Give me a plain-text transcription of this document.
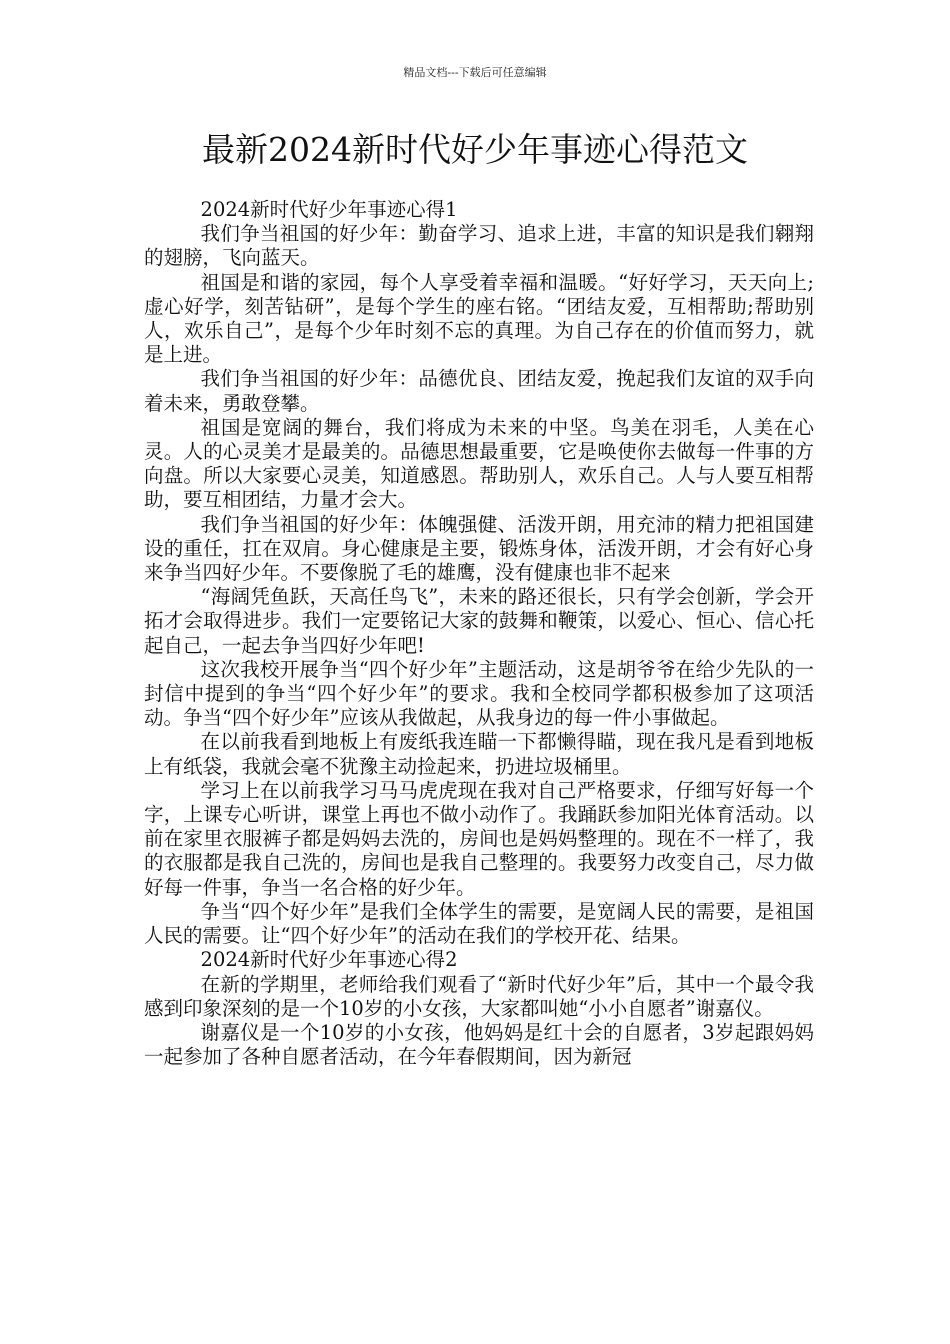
精品文档---下载后可任意编辑
最新2024新时代好少年事迹心得范文

2024新时代好少年事迹心得1

我们争当祖国的好少年：勤奋学习、追求上进，丰富的知识是我们翱翔的翅膀，飞向蓝天。

祖国是和谐的家园，每个人享受着幸福和温暖。“好好学习，天天向上;虚心好学，刻苦钻研”，是每个学生的座右铭。“团结友爱，互相帮助;帮助别人，欢乐自己”，是每个少年时刻不忘的真理。为自己存在的价值而努力，就是上进。

我们争当祖国的好少年：品德优良、团结友爱，挽起我们友谊的双手向着未来，勇敢登攀。

祖国是宽阔的舞台，我们将成为未来的中坚。鸟美在羽毛，人美在心灵。人的心灵美才是最美的。品德思想最重要，它是唤使你去做每一件事的方向盘。所以大家要心灵美，知道感恩。帮助别人，欢乐自己。人与人要互相帮助，要互相团结，力量才会大。

我们争当祖国的好少年：体魄强健、活泼开朗，用充沛的精力把祖国建设的重任，扛在双肩。身心健康是主要，锻炼身体，活泼开朗，才会有好心身来争当四好少年。不要像脱了毛的雄鹰，没有健康也非不起来

“海阔凭鱼跃，天高任鸟飞”，未来的路还很长，只有学会创新，学会开拓才会取得进步。我们一定要铭记大家的鼓舞和鞭策，以爱心、恒心、信心托起自己，一起去争当四好少年吧!

这次我校开展争当“四个好少年”主题活动，这是胡爷爷在给少先队的一封信中提到的争当“四个好少年”的要求。我和全校同学都积极参加了这项活动。争当“四个好少年”应该从我做起，从我身边的每一件小事做起。

在以前我看到地板上有废纸我连瞄一下都懒得瞄，现在我凡是看到地板上有纸袋，我就会毫不犹豫主动捡起来，扔进垃圾桶里。

学习上在以前我学习马马虎虎现在我对自己严格要求，仔细写好每一个字，上课专心听讲，课堂上再也不做小动作了。我踊跃参加阳光体育活动。以前在家里衣服裤子都是妈妈去洗的，房间也是妈妈整理的。现在不一样了，我的衣服都是我自己洗的，房间也是我自己整理的。我要努力改变自己，尽力做好每一件事，争当一名合格的好少年。

争当“四个好少年”是我们全体学生的需要，是宽阔人民的需要，是祖国人民的需要。让“四个好少年”的活动在我们的学校开花、结果。

2024新时代好少年事迹心得2

在新的学期里，老师给我们观看了“新时代好少年”后，其中一个最令我感到印象深刻的是一个10岁的小女孩，大家都叫她“小小自愿者”谢嘉仪。

谢嘉仪是一个10岁的小女孩，他妈妈是红十会的自愿者，3岁起跟妈妈一起参加了各种自愿者活动，在今年春假期间，因为新冠
